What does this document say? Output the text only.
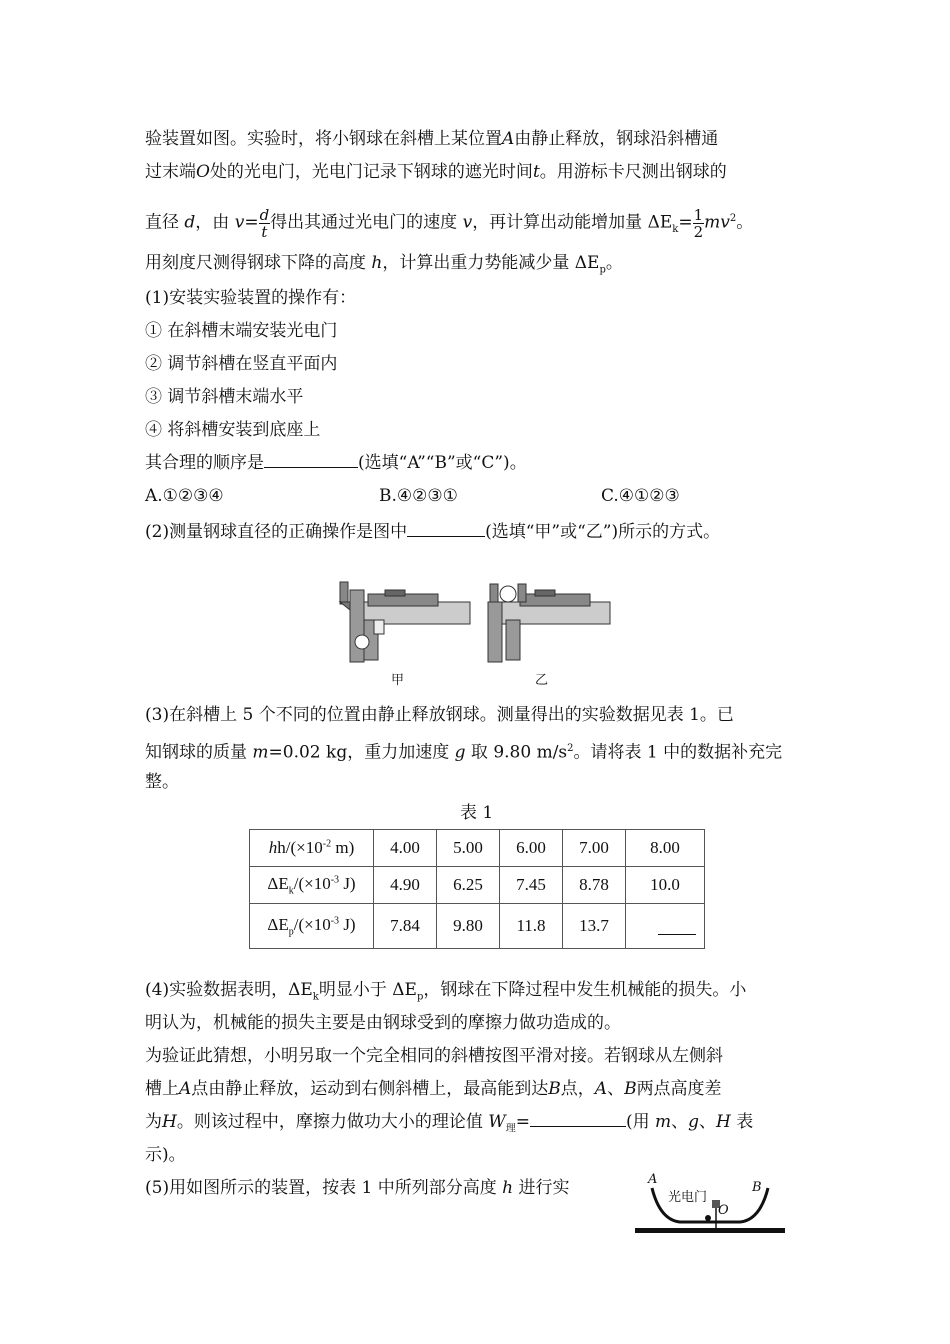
验装置如图。实验时，将小钢球在斜槽上某位置A由静止释放，钢球沿斜槽通
过末端O处的光电门，光电门记录下钢球的遮光时间t。用游标卡尺测出钢球的
直径 d，由 $v= \frac{d}{t}$ 得出其通过光电门的速度 v，再计算出动能增加量 $\Delta E_k= \frac{1}{2} mv^2$。
用刻度尺测得钢球下降的高度 h，计算出重力势能减少量 $\Delta E_p$。
(1)安装实验装置的操作有：
① 在斜槽末端安装光电门
② 调节斜槽在竖直平面内
③ 调节斜槽末端水平
④ 将斜槽安装到底座上
其合理的顺序是	(选填“A”“B”或“C”)。
A.①②③④	B.④②③①	C.④①②③
(2)测量钢球直径的正确操作是图中	(选填“甲”或“乙”)所示的方式。
甲	乙
(3)在斜槽上 5 个不同的位置由静止释放钢球。测量得出的实验数据见表 1。已
知钢球的质量 m=0.02 kg，重力加速度 g 取 9.80 $m/s^2$。请将表 1 中的数据补充完
整。
表 1
$hh/(\times 10^{-2}$ m)	4.00	5.00	6.00	7.00	8.00
$\Delta E_k/(\times 10^{-3}$ J)	4.90	6.25	7.45	8.78	10.0
$\Delta E_p/(\times 10^{-3}$ J)	7.84	9.80	11.8	13.7	
(4)实验数据表明，$\Delta E_k$明显小于 $\Delta E_p$，钢球在下降过程中发生机械能的损失。小
明认为，机械能的损失主要是由钢球受到的摩擦力做功造成的。
为验证此猜想，小明另取一个完全相同的斜槽按图平滑对接。若钢球从左侧斜
槽上A点由静止释放，运动到右侧斜槽上，最高能到达B点，A、B两点高度差
为H。则该过程中，摩擦力做功大小的理论值 $W_理=$	(用 m、g、H 表
示)。
(5)用如图所示的装置，按表 1 中所列部分高度 h 进行实	A
光电门
O
B
